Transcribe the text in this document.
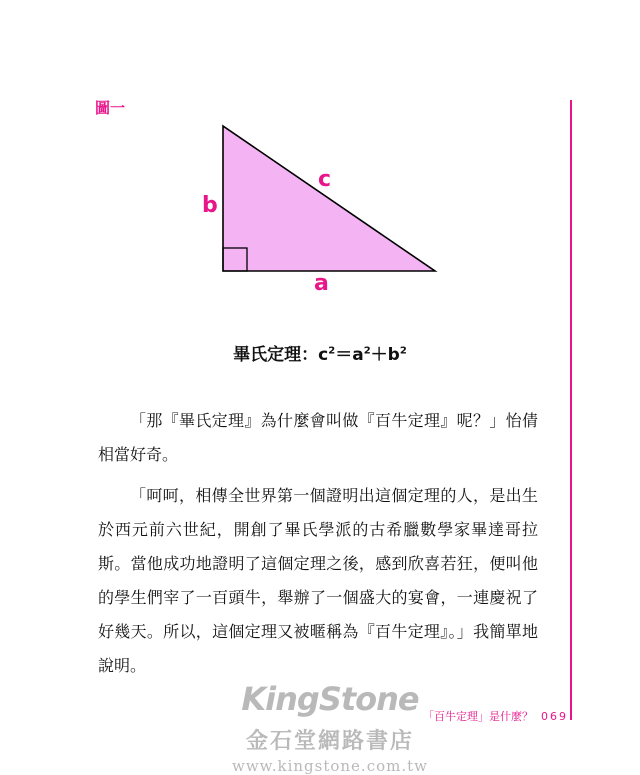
圖一
b
c
a
畢氏定理：$c^2=a^2+b^2$

「那『畢氏定理』為什麼會叫做『百牛定理』呢？」怡倩相當好奇。

「呵呵，相傳全世界第一個證明出這個定理的人，是出生於西元前六世紀，開創了畢氏學派的古希臘數學家畢達哥拉斯。當他成功地證明了這個定理之後，感到欣喜若狂，便叫他的學生們宰了一百頭牛，舉辦了一個盛大的宴會，一連慶祝了好幾天。所以，這個定理又被暱稱為『百牛定理』。」我簡單地說明。

KingStone
金石堂網路書店
www.kingstone.com.tw
「百牛定理」是什麼？ 069
